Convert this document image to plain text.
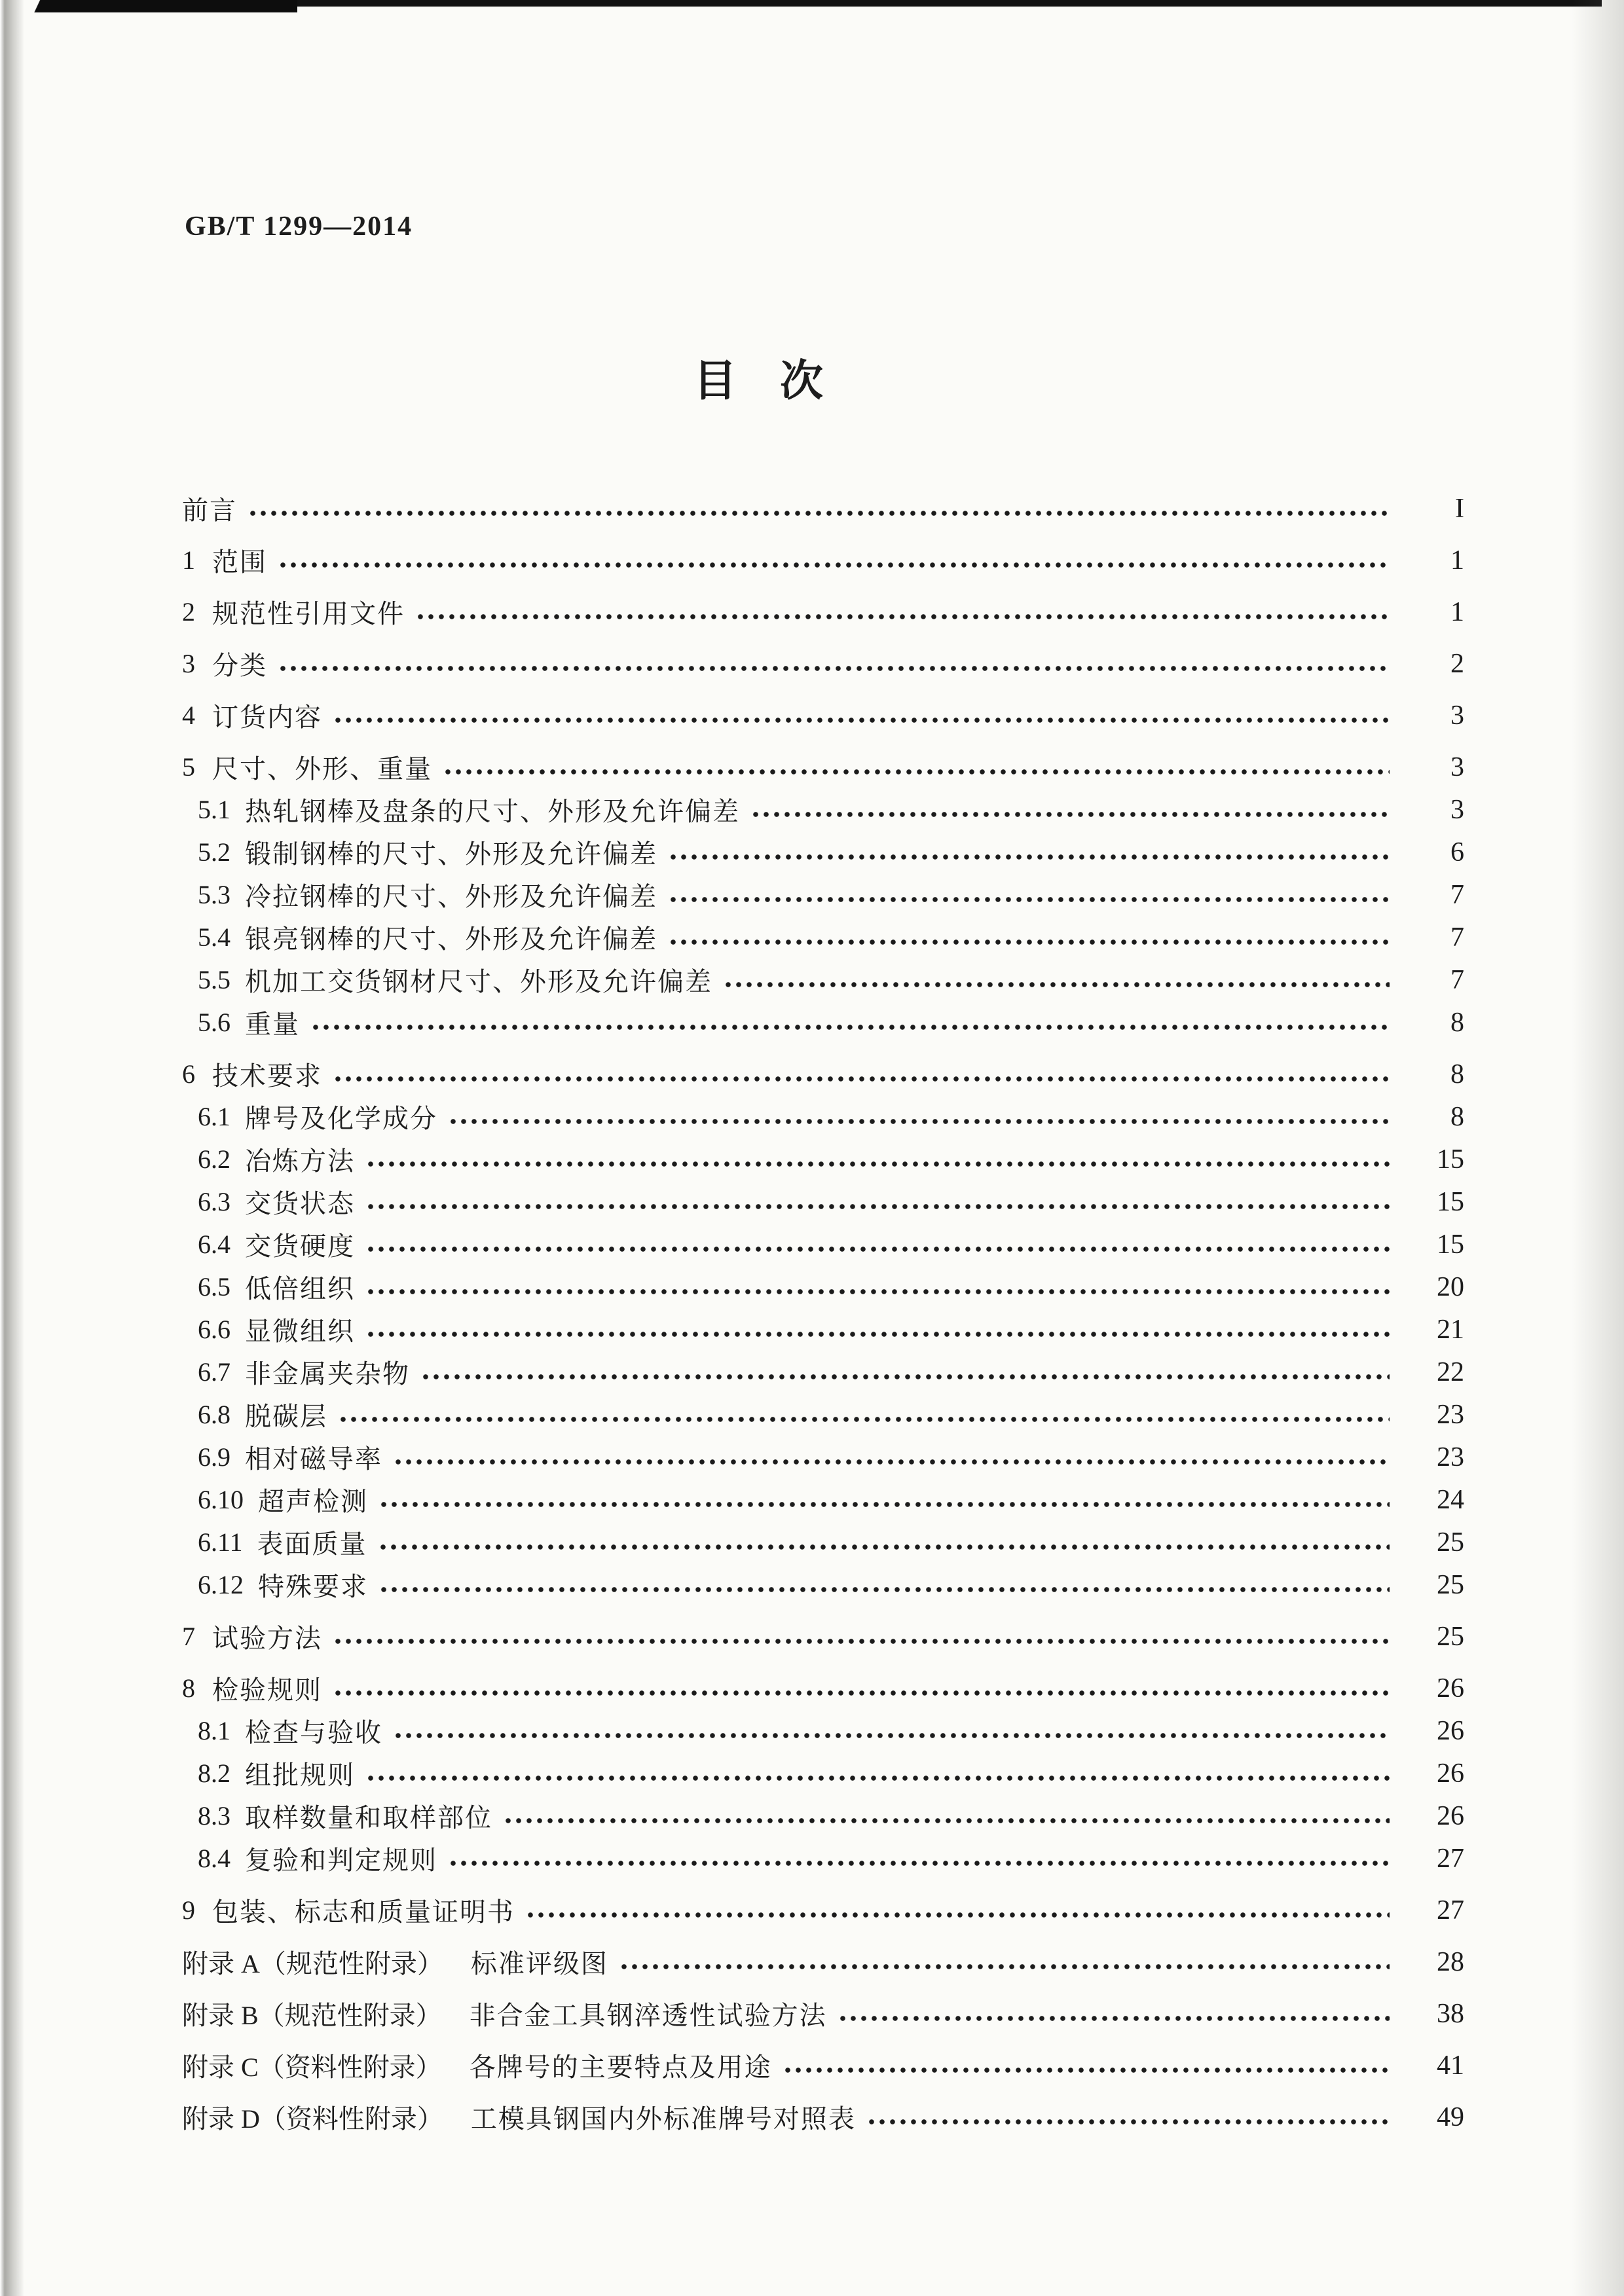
GB/T 1299—2014
目　次
前言	I
1 范围	1
2 规范性引用文件	1
3 分类	2
4 订货内容	3
5 尺寸、外形、重量	3
5.1 热轧钢棒及盘条的尺寸、外形及允许偏差	3
5.2 锻制钢棒的尺寸、外形及允许偏差	6
5.3 冷拉钢棒的尺寸、外形及允许偏差	7
5.4 银亮钢棒的尺寸、外形及允许偏差	7
5.5 机加工交货钢材尺寸、外形及允许偏差	7
5.6 重量	8
6 技术要求	8
6.1 牌号及化学成分	8
6.2 冶炼方法	15
6.3 交货状态	15
6.4 交货硬度	15
6.5 低倍组织	20
6.6 显微组织	21
6.7 非金属夹杂物	22
6.8 脱碳层	23
6.9 相对磁导率	23
6.10 超声检测	24
6.11 表面质量	25
6.12 特殊要求	25
7 试验方法	25
8 检验规则	26
8.1 检查与验收	26
8.2 组批规则	26
8.3 取样数量和取样部位	26
8.4 复验和判定规则	27
9 包装、标志和质量证明书	27
附录 A（规范性附录） 标准评级图	28
附录 B（规范性附录） 非合金工具钢淬透性试验方法	38
附录 C（资料性附录） 各牌号的主要特点及用途	41
附录 D（资料性附录） 工模具钢国内外标准牌号对照表	49
